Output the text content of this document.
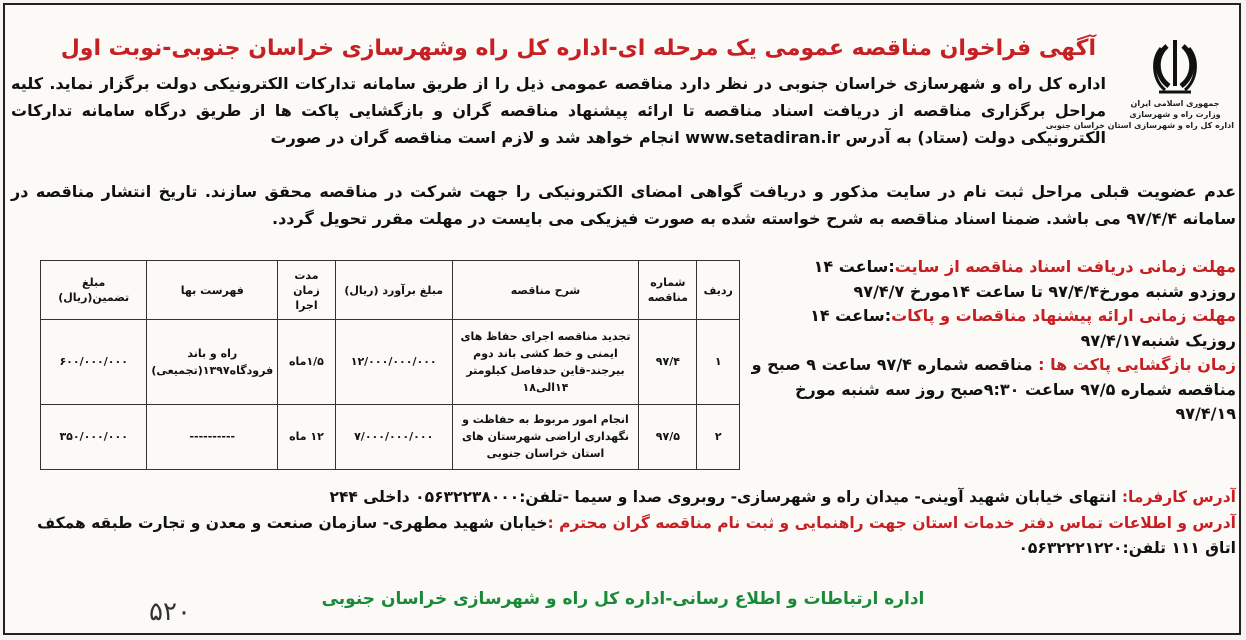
جمهوری اسلامی ایران
وزارت راه و شهرسازی
اداره کل راه و شهرسازی استان خراسان جنوبی
آگهی فراخوان مناقصه عمومی یک مرحله ای-اداره کل راه وشهرسازی خراسان جنوبی-نوبت اول
اداره کل راه و شهرسازی خراسان جنوبی در نظر دارد مناقصه عمومی ذیل را از طریق سامانه تدارکات الکترونیکی دولت برگزار نماید. کلیه مراحل برگزاری مناقصه از دریافت اسناد مناقصه تا ارائه پیشنهاد مناقصه گران و بازگشایی پاکت ها از طریق درگاه سامانه تدارکات الکترونیکی دولت (ستاد) به آدرس www.setadiran.ir انجام خواهد شد و لازم است مناقصه گران در صورت
عدم عضویت قبلی مراحل ثبت نام در سایت مذکور و دریافت گواهی امضای الکترونیکی را جهت شرکت در مناقصه محقق سازند. تاریخ انتشار مناقصه در سامانه ۹۷/۴/۴ می باشد. ضمنا اسناد مناقصه به شرح خواسته شده به صورت فیزیکی می بایست در مهلت مقرر تحویل گردد.
ردیف	شماره مناقصه	شرح مناقصه	مبلغ برآورد (ریال)	مدت زمان اجرا	فهرست بها	مبلغ تضمین(ریال)
۱	۹۷/۴	تجدید مناقصه اجرای حفاظ های ایمنی و خط کشی باند دوم بیرجند-قاین حدفاصل کیلومتر ۱۴الی۱۸	۱۲/۰۰۰/۰۰۰/۰۰۰	۱/۵ماه	راه و باند فرودگاه۱۳۹۷(تجمیعی)	۶۰۰/۰۰۰/۰۰۰
۲	۹۷/۵	انجام امور مربوط به حفاظت و نگهداری اراضی شهرستان های استان خراسان جنوبی	۷/۰۰۰/۰۰۰/۰۰۰	۱۲ ماه	----------	۳۵۰/۰۰۰/۰۰۰
مهلت زمانی دریافت اسناد مناقصه از سایت:ساعت ۱۴
روزدو شنبه مورخ۹۷/۴/۴ تا ساعت ۱۴مورخ ۹۷/۴/۷
مهلت زمانی ارائه پیشنهاد مناقصات و پاکات:ساعت ۱۴
روزیک شنبه۹۷/۴/۱۷
زمان بازگشایی پاکت ها : مناقصه شماره ۹۷/۴ ساعت ۹ صبح و مناقصه شماره ۹۷/۵ ساعت ۹:۳۰صبح روز سه شنبه مورخ ۹۷/۴/۱۹
آدرس کارفرما: انتهای خیابان شهید آوینی- میدان راه و شهرسازی- روبروی صدا و سیما -تلفن:۰۵۶۳۲۲۳۸۰۰۰ داخلی ۲۴۴
آدرس و اطلاعات تماس دفتر خدمات استان جهت راهنمایی و ثبت نام مناقصه گران محترم :خیابان شهید مطهری- سازمان صنعت و معدن و تجارت طبقه همکف اتاق ۱۱۱ تلفن:۰۵۶۳۲۲۲۱۲۲۰
اداره ارتباطات و اطلاع رسانی-اداره کل راه و شهرسازی خراسان جنوبی
۵۲۰
